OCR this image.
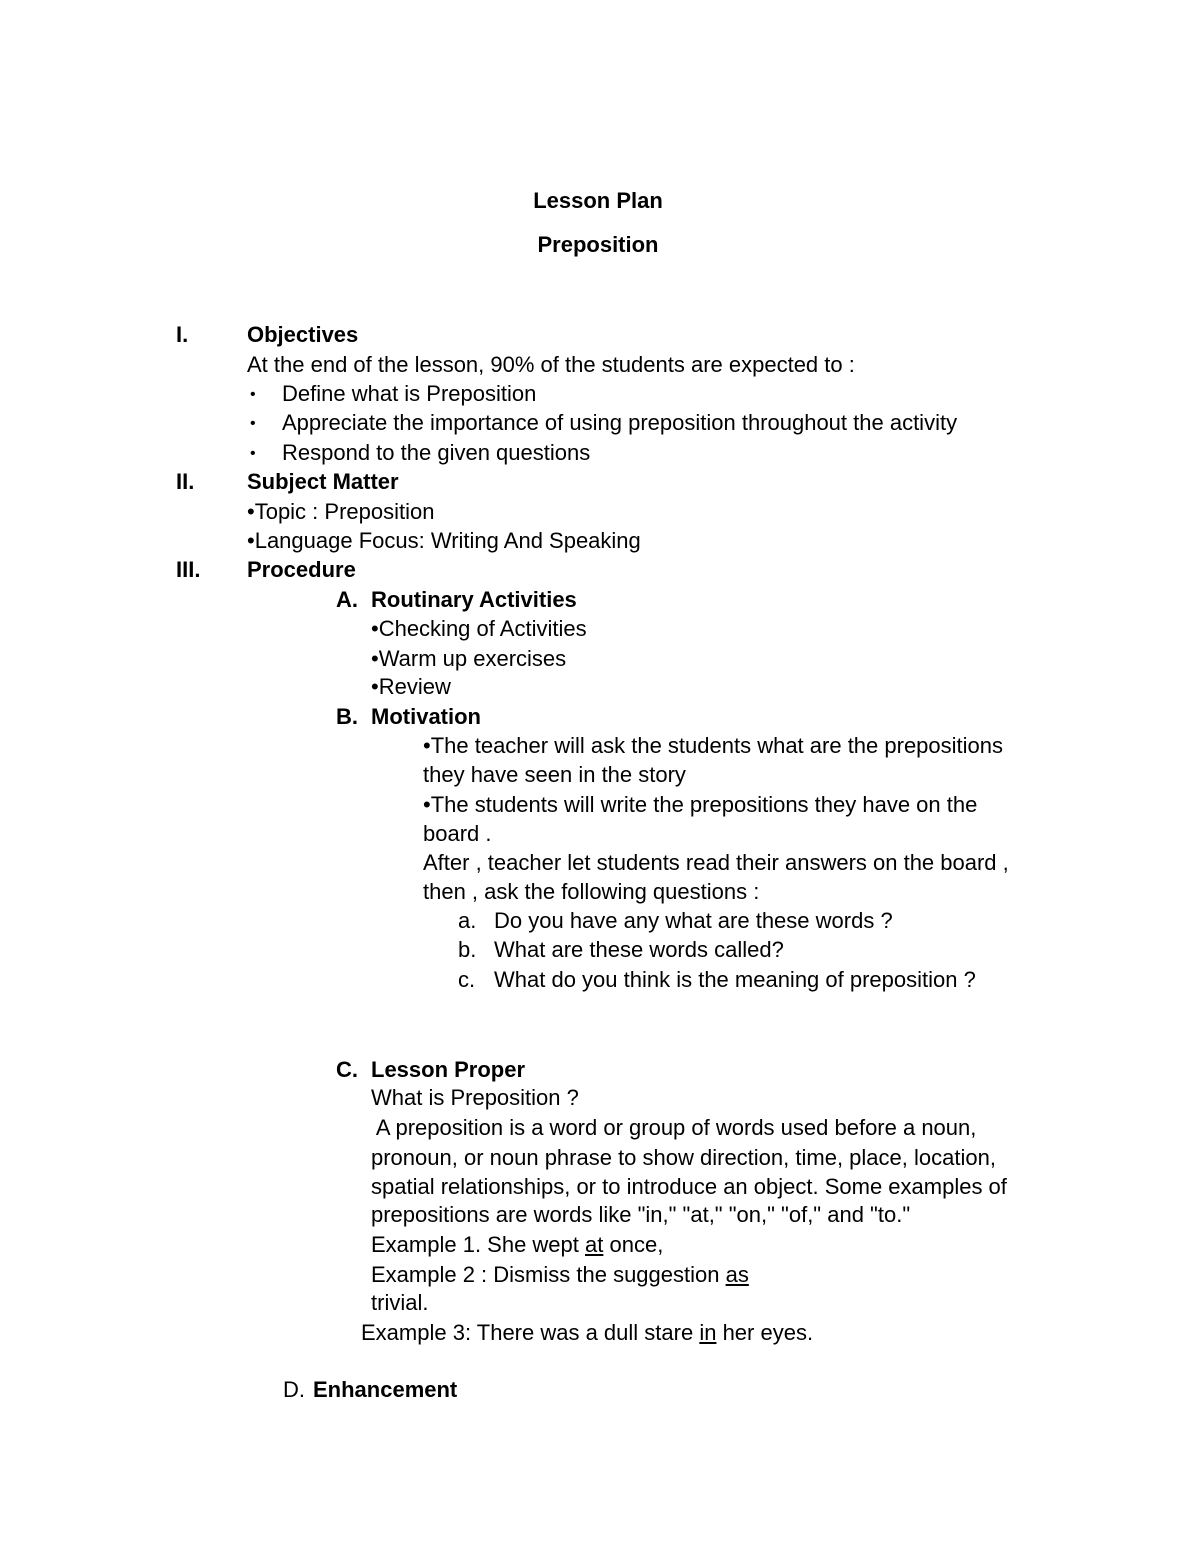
Lesson Plan
Preposition
I.	Objectives
At the end of the lesson, 90% of the students are expected to :
• Define what is Preposition
• Appreciate the importance of using preposition throughout the activity
• Respond to the given questions
II. Subject Matter
•Topic : Preposition
•Language Focus: Writing And Speaking
III. Procedure
A. Routinary Activities
•Checking of Activities
•Warm up exercises
•Review
B. Motivation
•The teacher will ask the students what are the prepositions
they have seen in the story
•The students will write the prepositions they have on the
board .
After , teacher let students read their answers on the board ,
then , ask the following questions :
a. Do you have any what are these words ?
b. What are these words called?
c. What do you think is the meaning of preposition ?
C. Lesson Proper
What is Preposition ?
A preposition is a word or group of words used before a noun,
pronoun, or noun phrase to show direction, time, place, location,
spatial relationships, or to introduce an object. Some examples of
prepositions are words like "in," "at," "on," "of," and "to."
Example 1. She wept at once,
Example 2 : Dismiss the suggestion as
trivial.
Example 3: There was a dull stare in her eyes.
D. Enhancement
